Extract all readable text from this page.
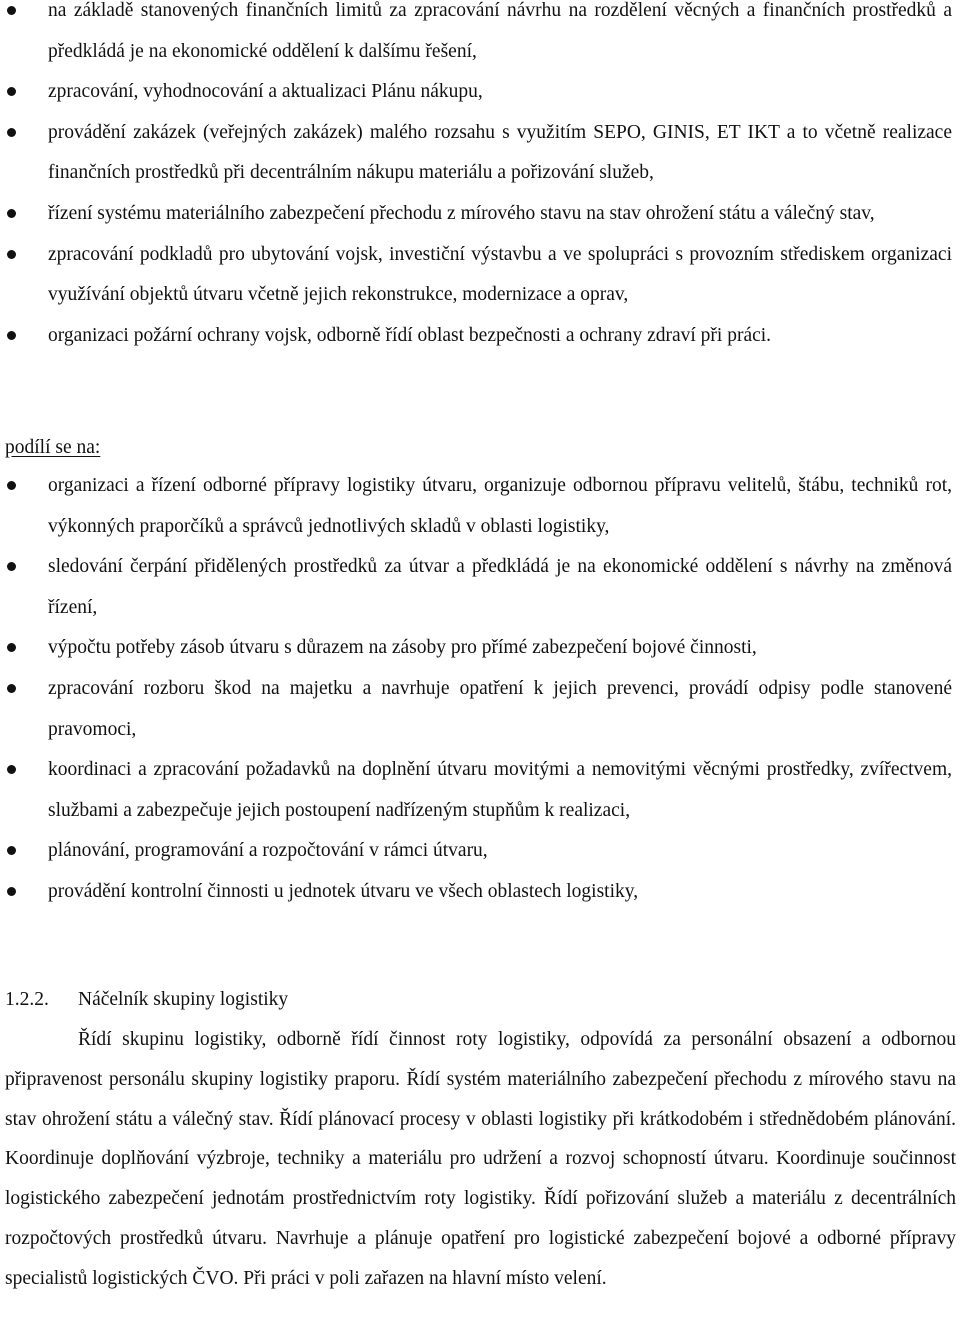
na základě stanovených finančních limitů za zpracování návrhu na rozdělení věcných a finančních prostředků a předkládá je na ekonomické oddělení k dalšímu řešení,
zpracování, vyhodnocování a aktualizaci Plánu nákupu,
provádění zakázek (veřejných zakázek) malého rozsahu s využitím SEPO, GINIS, ET IKT a to včetně realizace finančních prostředků při decentrálním nákupu materiálu a pořizování služeb,
řízení systému materiálního zabezpečení přechodu z mírového stavu na stav ohrožení státu a válečný stav,
zpracování podkladů pro ubytování vojsk, investiční výstavbu a ve spolupráci s provozním střediskem organizaci využívání objektů útvaru včetně jejich rekonstrukce, modernizace a oprav,
organizaci požární ochrany vojsk, odborně řídí oblast bezpečnosti a ochrany zdraví při práci.
podílí se na:
organizaci a řízení odborné přípravy logistiky útvaru, organizuje odbornou přípravu velitelů, štábu, techniků rot, výkonných praporčíků a správců jednotlivých skladů v oblasti logistiky,
sledování čerpání přidělených prostředků za útvar a předkládá je na ekonomické oddělení s návrhy na změnová řízení,
výpočtu potřeby zásob útvaru s důrazem na zásoby pro přímé zabezpečení bojové činnosti,
zpracování rozboru škod na majetku a navrhuje opatření k jejich prevenci, provádí odpisy podle stanovené pravomoci,
koordinaci a zpracování požadavků na doplnění útvaru movitými a nemovitými věcnými prostředky, zvířectvem, službami a zabezpečuje jejich postoupení nadřízeným stupňům k realizaci,
plánování, programování a rozpočtování v rámci útvaru,
provádění kontrolní činnosti u jednotek útvaru ve všech oblastech logistiky,
1.2.2. Náčelník skupiny logistiky
Řídí skupinu logistiky, odborně řídí činnost roty logistiky, odpovídá za personální obsazení a odbornou připravenost personálu skupiny logistiky praporu. Řídí systém materiálního zabezpečení přechodu z mírového stavu na stav ohrožení státu a válečný stav. Řídí plánovací procesy v oblasti logistiky při krátkodobém i střednědobém plánování. Koordinuje doplňování výzbroje, techniky a materiálu pro udržení a rozvoj schopností útvaru. Koordinuje součinnost logistického zabezpečení jednotám prostřednictvím roty logistiky. Řídí pořizování služeb a materiálu z decentrálních rozpočtových prostředků útvaru. Navrhuje a plánuje opatření pro logistické zabezpečení bojové a odborné přípravy specialistů logistických ČVO. Při práci v poli zařazen na hlavní místo velení.
